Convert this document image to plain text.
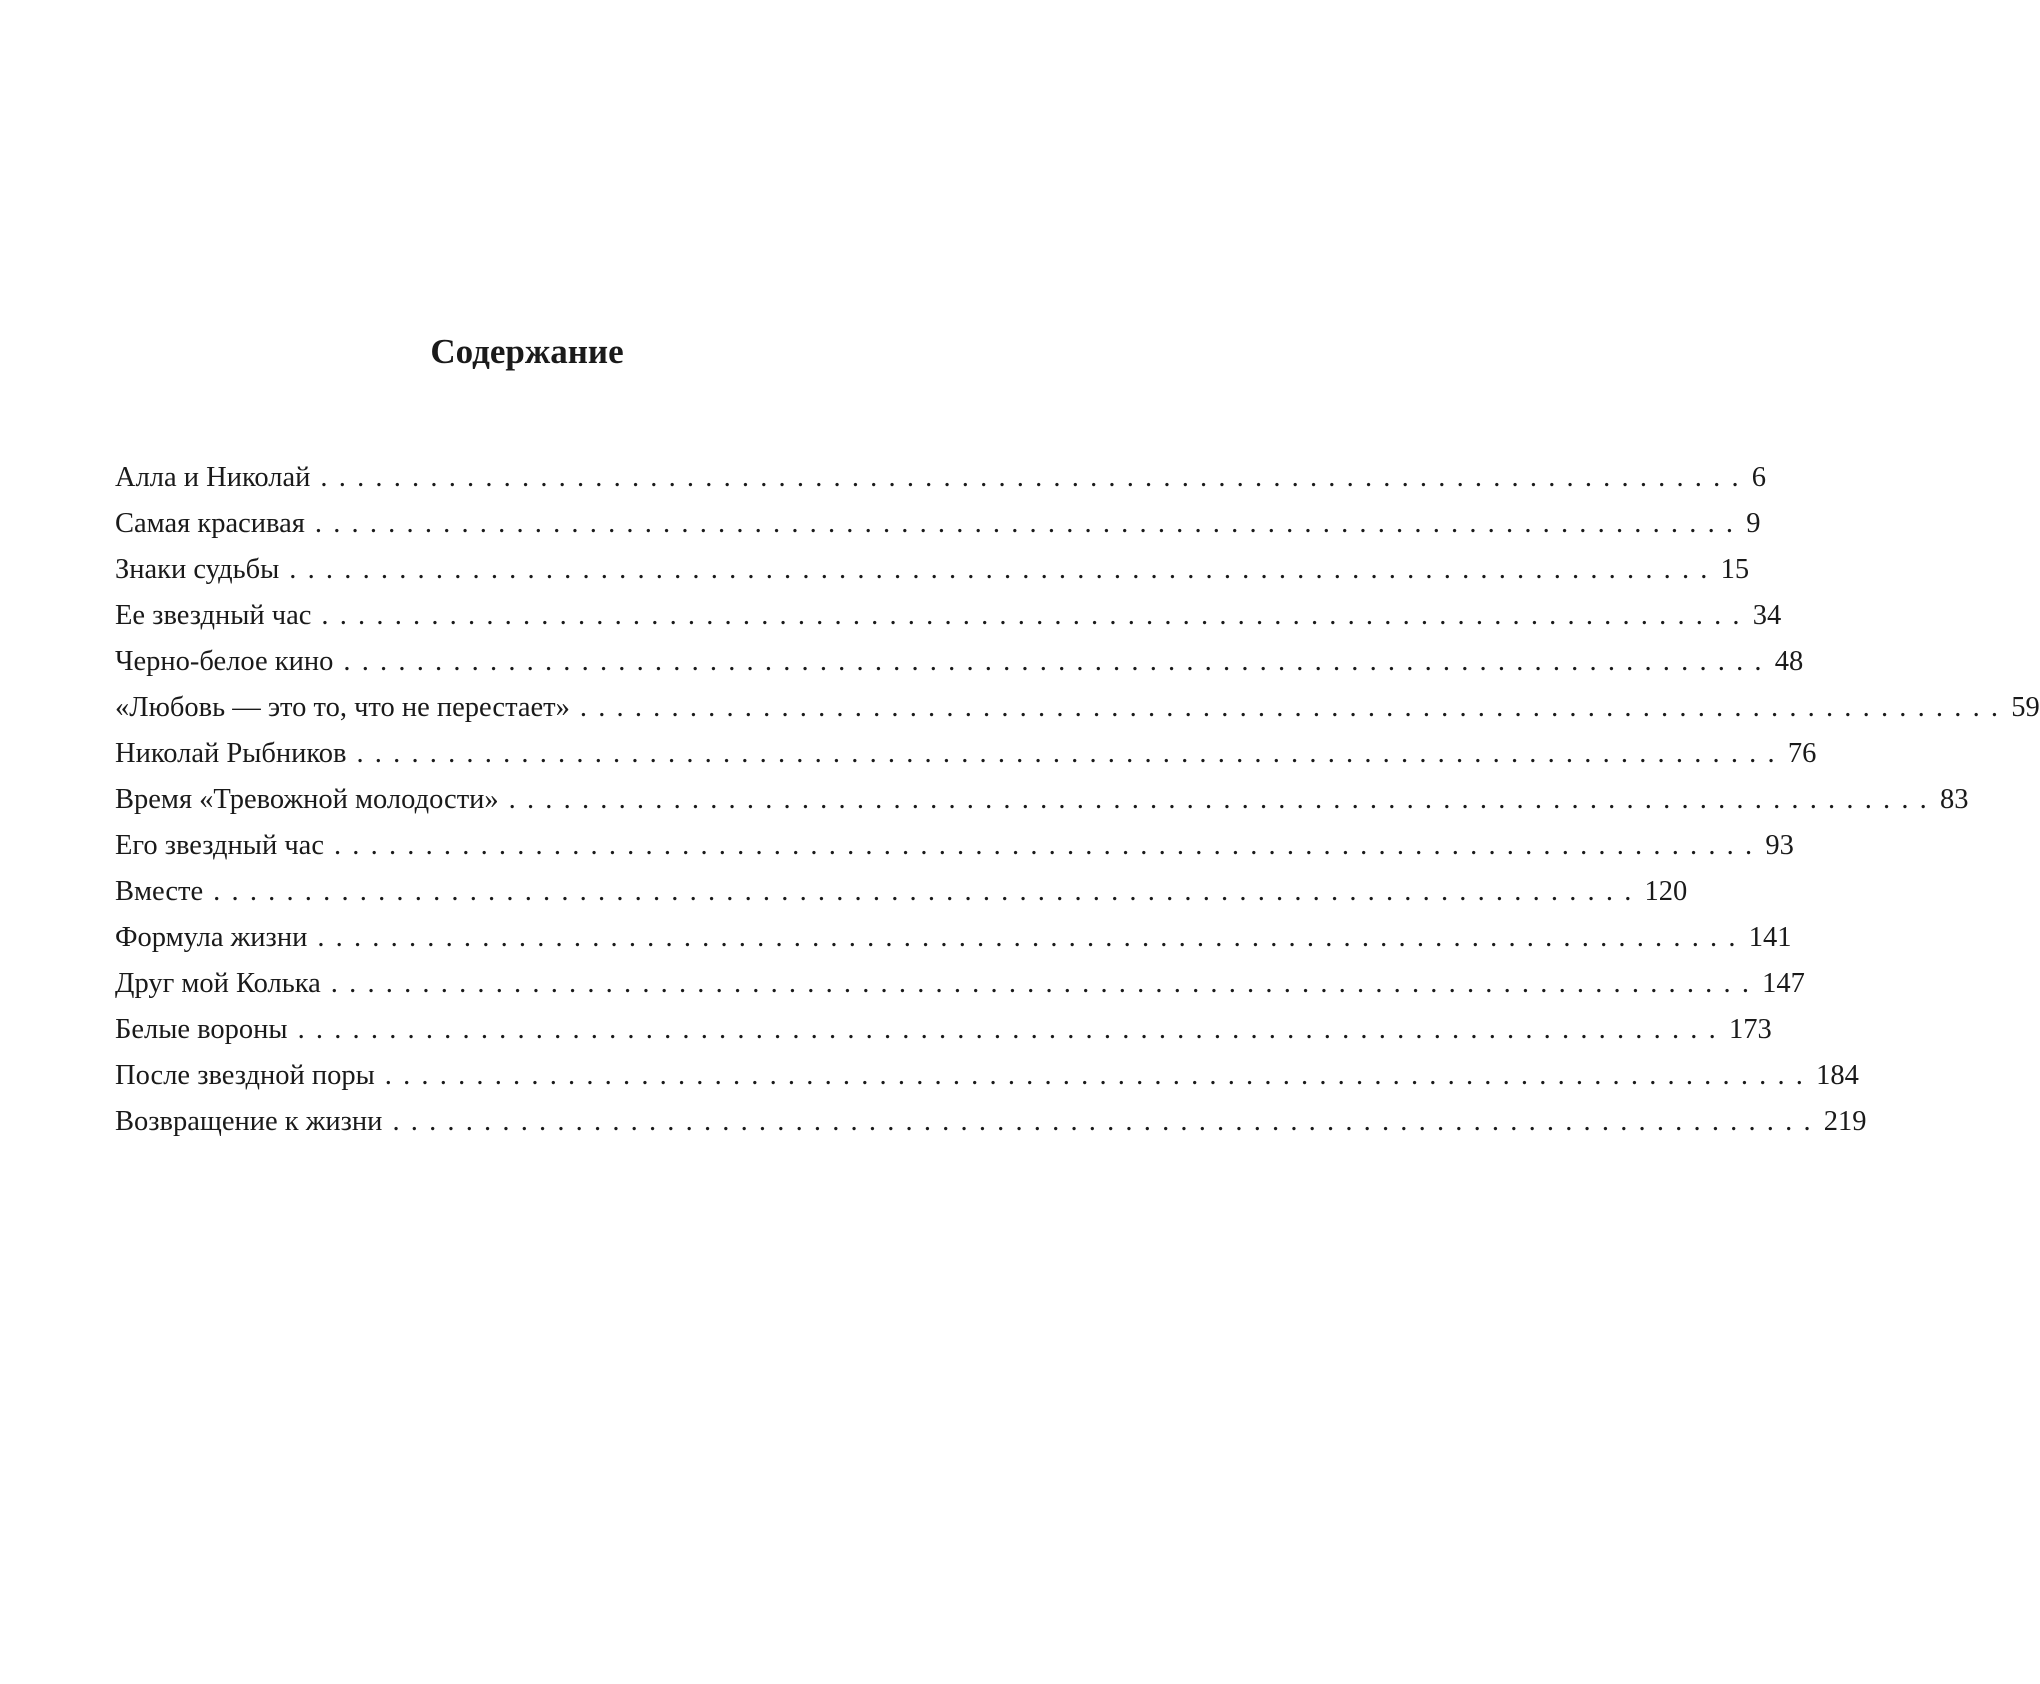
Содержание
Алла и Николай .............................................................................. 6
Самая красивая .............................................................................. 9
Знаки судьбы .............................................................................. 15
Ее звездный час .............................................................................. 34
Черно-белое кино .............................................................................. 48
«Любовь — это то, что не перестает» .............................................................................. 59
Николай Рыбников .............................................................................. 76
Время «Тревожной молодости» .............................................................................. 83
Его звездный час .............................................................................. 93
Вместе .............................................................................. 120
Формула жизни .............................................................................. 141
Друг мой Колька .............................................................................. 147
Белые вороны .............................................................................. 173
После звездной поры .............................................................................. 184
Возвращение к жизни .............................................................................. 219
